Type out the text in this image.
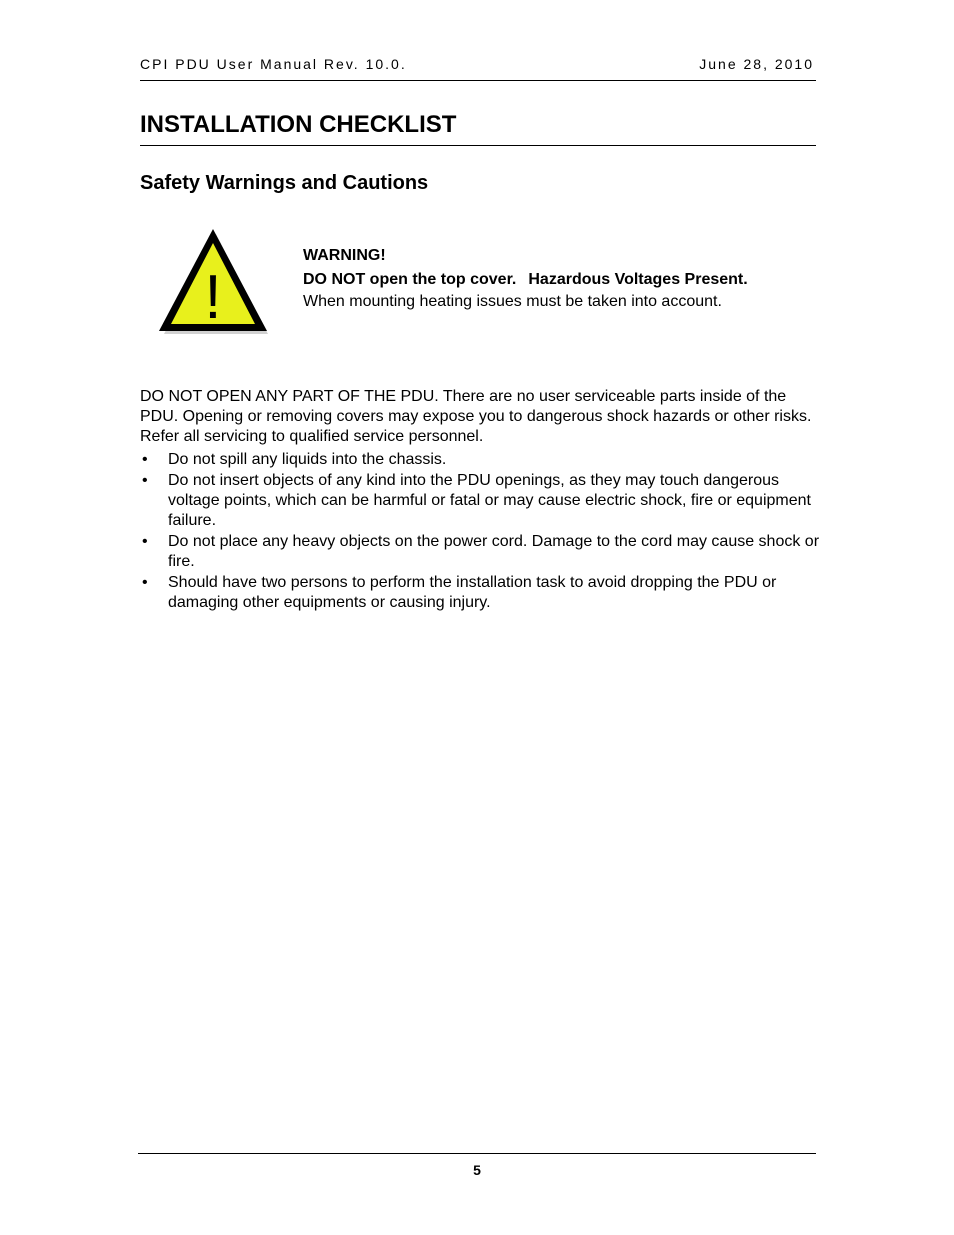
CPI PDU User Manual Rev. 10.0.	June 28, 2010
INSTALLATION CHECKLIST
Safety Warnings and Cautions
!
WARNING!
DO NOT open the top cover. Hazardous Voltages Present.
When mounting heating issues must be taken into account.

DO NOT OPEN ANY PART OF THE PDU. There are no user serviceable parts inside of the PDU. Opening or removing covers may expose you to dangerous shock hazards or other risks. Refer all servicing to qualified service personnel.

• Do not spill any liquids into the chassis.
• Do not insert objects of any kind into the PDU openings, as they may touch dangerous voltage points, which can be harmful or fatal or may cause electric shock, fire or equipment failure.
• Do not place any heavy objects on the power cord. Damage to the cord may cause shock or fire.
• Should have two persons to perform the installation task to avoid dropping the PDU or damaging other equipments or causing injury.
5
